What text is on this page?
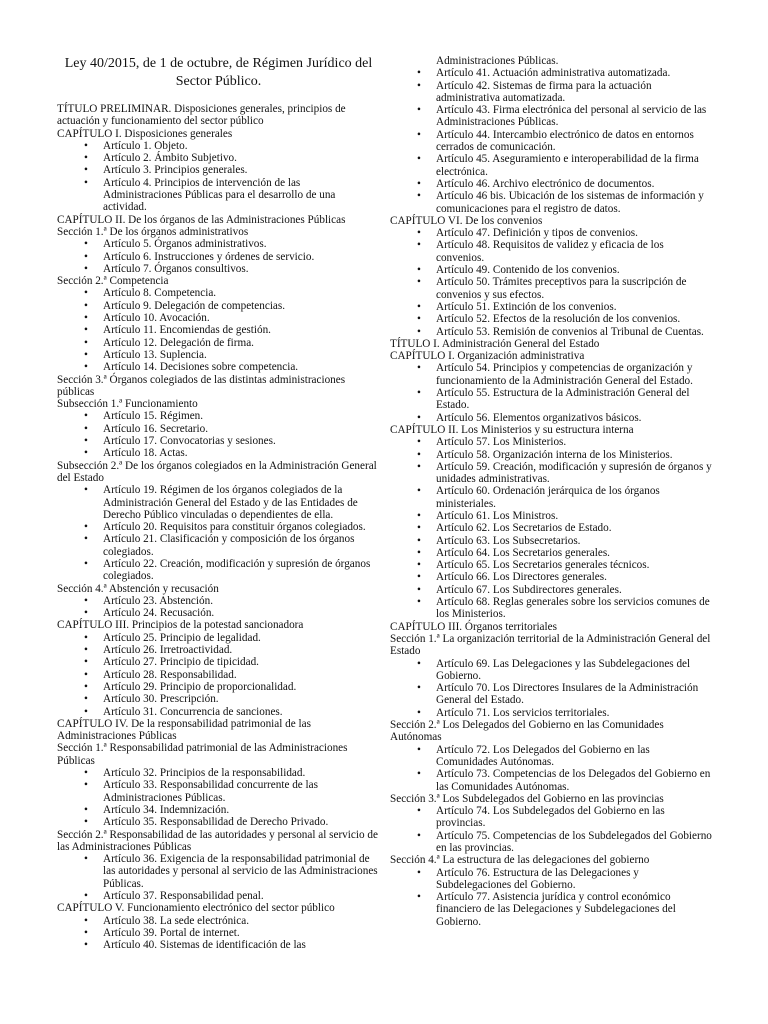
Ley 40/2015, de 1 de octubre, de Régimen Jurídico del Sector Público.

TÍTULO PRELIMINAR. Disposiciones generales, principios de actuación y funcionamiento del sector público

CAPÍTULO I. Disposiciones generales

• Artículo 1. Objeto.
• Artículo 2. Ámbito Subjetivo.
• Artículo 3. Principios generales.
• Artículo 4. Principios de intervención de las Administraciones Públicas para el desarrollo de una actividad.

CAPÍTULO II. De los órganos de las Administraciones Públicas

Sección 1.ª De los órganos administrativos

• Artículo 5. Órganos administrativos.
• Artículo 6. Instrucciones y órdenes de servicio.
• Artículo 7. Órganos consultivos.

Sección 2.ª Competencia

• Artículo 8. Competencia.
• Artículo 9. Delegación de competencias.
• Artículo 10. Avocación.
• Artículo 11. Encomiendas de gestión.
• Artículo 12. Delegación de firma.
• Artículo 13. Suplencia.
• Artículo 14. Decisiones sobre competencia.

Sección 3.ª Órganos colegiados de las distintas administraciones públicas

Subsección 1.ª Funcionamiento

• Artículo 15. Régimen.
• Artículo 16. Secretario.
• Artículo 17. Convocatorias y sesiones.
• Artículo 18. Actas.

Subsección 2.ª De los órganos colegiados en la Administración General del Estado

• Artículo 19. Régimen de los órganos colegiados de la Administración General del Estado y de las Entidades de Derecho Público vinculadas o dependientes de ella.
• Artículo 20. Requisitos para constituir órganos colegiados.
• Artículo 21. Clasificación y composición de los órganos colegiados.
• Artículo 22. Creación, modificación y supresión de órganos colegiados.

Sección 4.ª Abstención y recusación

• Artículo 23. Abstención.
• Artículo 24. Recusación.

CAPÍTULO III. Principios de la potestad sancionadora

• Artículo 25. Principio de legalidad.
• Artículo 26. Irretroactividad.
• Artículo 27. Principio de tipicidad.
• Artículo 28. Responsabilidad.
• Artículo 29. Principio de proporcionalidad.
• Artículo 30. Prescripción.
• Artículo 31. Concurrencia de sanciones.

CAPÍTULO IV. De la responsabilidad patrimonial de las Administraciones Públicas

Sección 1.ª Responsabilidad patrimonial de las Administraciones Públicas

• Artículo 32. Principios de la responsabilidad.
• Artículo 33. Responsabilidad concurrente de las Administraciones Públicas.
• Artículo 34. Indemnización.
• Artículo 35. Responsabilidad de Derecho Privado.

Sección 2.ª Responsabilidad de las autoridades y personal al servicio de las Administraciones Públicas

• Artículo 36. Exigencia de la responsabilidad patrimonial de las autoridades y personal al servicio de las Administraciones Públicas.
• Artículo 37. Responsabilidad penal.

CAPÍTULO V. Funcionamiento electrónico del sector público

• Artículo 38. La sede electrónica.
• Artículo 39. Portal de internet.
• Artículo 40. Sistemas de identificación de las
Administraciones Públicas.
• Artículo 41. Actuación administrativa automatizada.
• Artículo 42. Sistemas de firma para la actuación administrativa automatizada.
• Artículo 43. Firma electrónica del personal al servicio de las Administraciones Públicas.
• Artículo 44. Intercambio electrónico de datos en entornos cerrados de comunicación.
• Artículo 45. Aseguramiento e interoperabilidad de la firma electrónica.
• Artículo 46. Archivo electrónico de documentos.
• Artículo 46 bis. Ubicación de los sistemas de información y comunicaciones para el registro de datos.

CAPÍTULO VI. De los convenios

• Artículo 47. Definición y tipos de convenios.
• Artículo 48. Requisitos de validez y eficacia de los convenios.
• Artículo 49. Contenido de los convenios.
• Artículo 50. Trámites preceptivos para la suscripción de convenios y sus efectos.
• Artículo 51. Extinción de los convenios.
• Artículo 52. Efectos de la resolución de los convenios.
• Artículo 53. Remisión de convenios al Tribunal de Cuentas.

TÍTULO I. Administración General del Estado

CAPÍTULO I. Organización administrativa

• Artículo 54. Principios y competencias de organización y funcionamiento de la Administración General del Estado.
• Artículo 55. Estructura de la Administración General del Estado.
• Artículo 56. Elementos organizativos básicos.

CAPÍTULO II. Los Ministerios y su estructura interna

• Artículo 57. Los Ministerios.
• Artículo 58. Organización interna de los Ministerios.
• Artículo 59. Creación, modificación y supresión de órganos y unidades administrativas.
• Artículo 60. Ordenación jerárquica de los órganos ministeriales.
• Artículo 61. Los Ministros.
• Artículo 62. Los Secretarios de Estado.
• Artículo 63. Los Subsecretarios.
• Artículo 64. Los Secretarios generales.
• Artículo 65. Los Secretarios generales técnicos.
• Artículo 66. Los Directores generales.
• Artículo 67. Los Subdirectores generales.
• Artículo 68. Reglas generales sobre los servicios comunes de los Ministerios.

CAPÍTULO III. Órganos territoriales

Sección 1.ª La organización territorial de la Administración General del Estado

• Artículo 69. Las Delegaciones y las Subdelegaciones del Gobierno.
• Artículo 70. Los Directores Insulares de la Administración General del Estado.
• Artículo 71. Los servicios territoriales.

Sección 2.ª Los Delegados del Gobierno en las Comunidades Autónomas

• Artículo 72. Los Delegados del Gobierno en las Comunidades Autónomas.
• Artículo 73. Competencias de los Delegados del Gobierno en las Comunidades Autónomas.

Sección 3.ª Los Subdelegados del Gobierno en las provincias

• Artículo 74. Los Subdelegados del Gobierno en las provincias.
• Artículo 75. Competencias de los Subdelegados del Gobierno en las provincias.

Sección 4.ª La estructura de las delegaciones del gobierno

• Artículo 76. Estructura de las Delegaciones y Subdelegaciones del Gobierno.
• Artículo 77. Asistencia jurídica y control económico financiero de las Delegaciones y Subdelegaciones del Gobierno.
